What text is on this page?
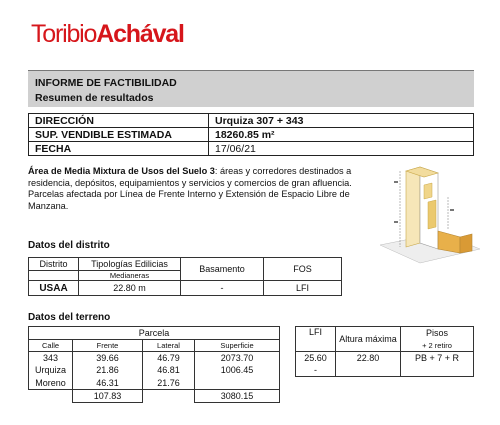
ToribioAchával
INFORME DE FACTIBILIDAD
Resumen de resultados
DIRECCIÓN	Urquiza 307 + 343
SUP. VENDIBLE ESTIMADA	18260.85 m²
FECHA	17/06/21
Área de Media Mixtura de Usos del Suelo 3: áreas y corredores destinados a
residencia, depósitos, equipamientos y servicios y comercios de gran afluencia.
Parcelas afectada por Línea de Frente Interno y Extensión de Espacio Libre de
Manzana.
Datos del distrito
Distrito	Tipologías Edilicias	Basamento	FOS
	Medianeras		
USAA	22.80 m	-	LFI
Datos del terreno
Parcela					LFI	Altura máxima	Pisos
Calle	Frente	Lateral	Superficie				+ 2 retiro
343	39.66	46.79	2073.70		25.60	22.80	PB + 7 + R
Urquiza	21.86	46.81	1006.45		-		
Moreno	46.31	21.76					
	107.83		3080.15				
